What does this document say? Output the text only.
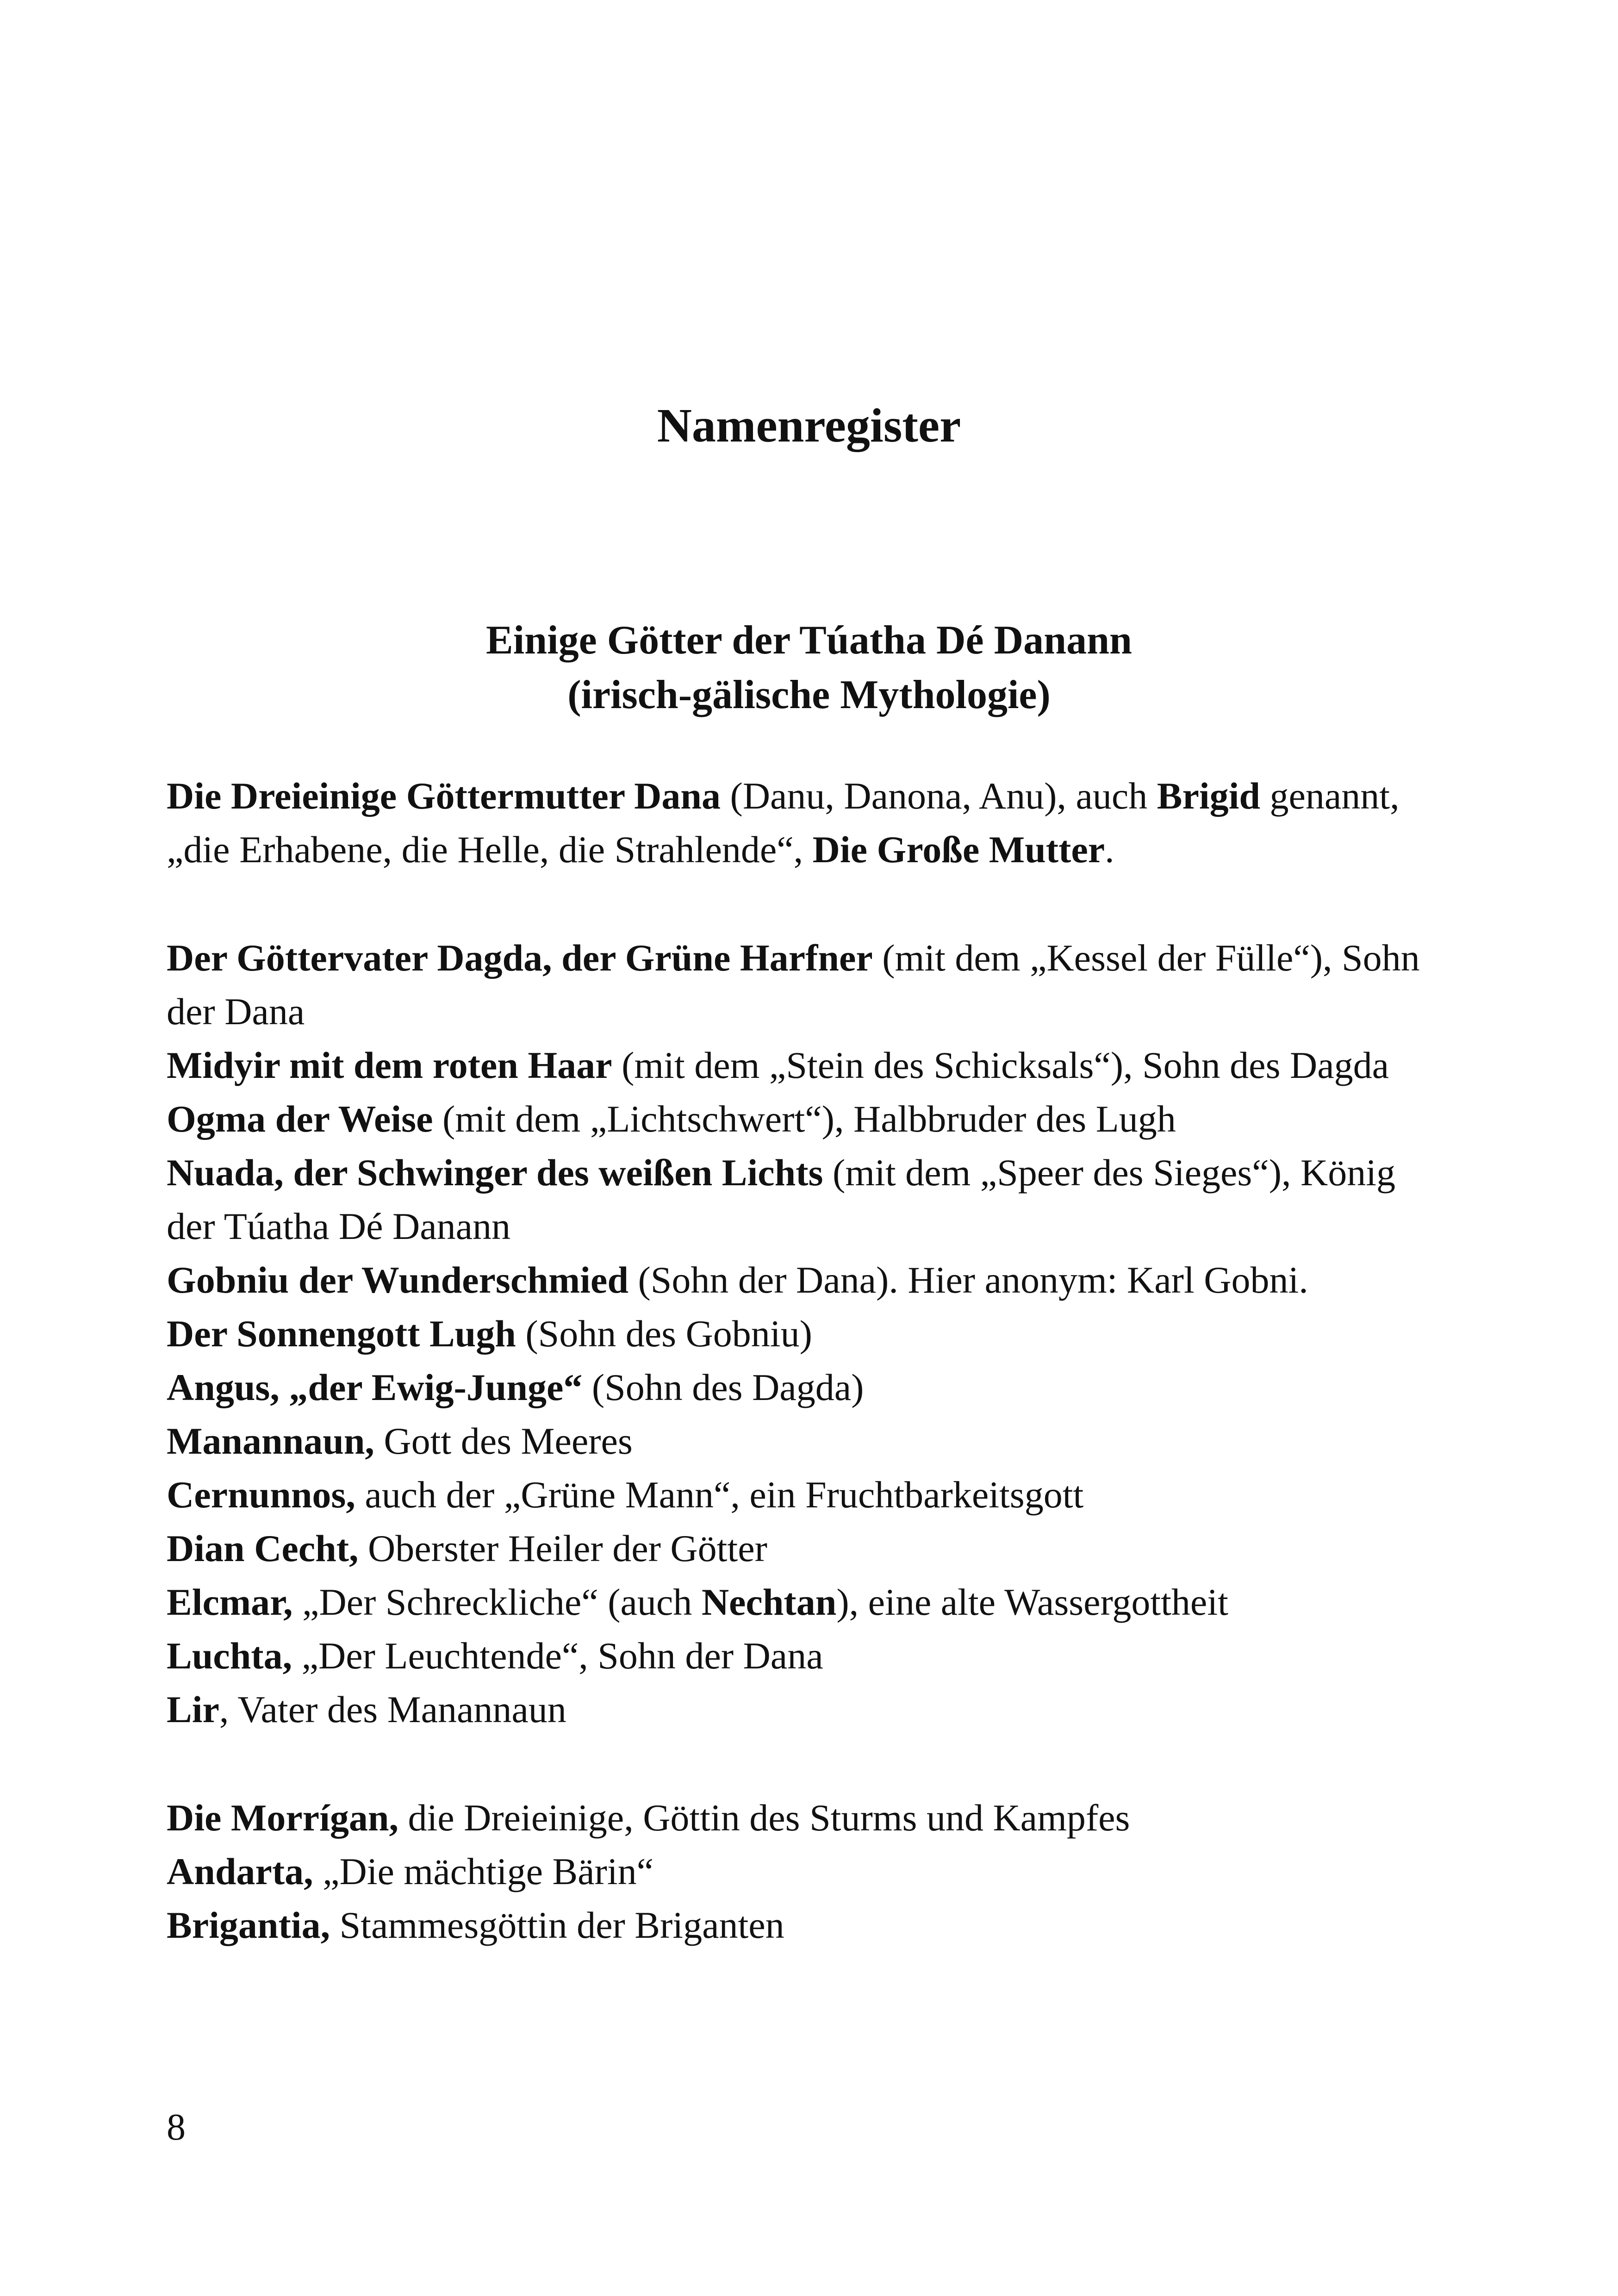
Namenregister
Einige Götter der Túatha Dé Danann
(irisch-gälische Mythologie)

Die Dreieinige Göttermutter Dana (Danu, Danona, Anu), auch Brigid genannt, „die Erhabene, die Helle, die Strahlende“, Die Große Mutter.

Der Göttervater Dagda, der Grüne Harfner (mit dem „Kessel der Fülle“), Sohn der Dana

Midyir mit dem roten Haar (mit dem „Stein des Schicksals“), Sohn des Dagda

Ogma der Weise (mit dem „Lichtschwert“), Halbbruder des Lugh

Nuada, der Schwinger des weißen Lichts (mit dem „Speer des Sieges“), König der Túatha Dé Danann

Gobniu der Wunderschmied (Sohn der Dana). Hier anonym: Karl Gobni.

Der Sonnengott Lugh (Sohn des Gobniu)

Angus, „der Ewig-Junge“ (Sohn des Dagda)

Manannaun, Gott des Meeres

Cernunnos, auch der „Grüne Mann“, ein Fruchtbarkeitsgott

Dian Cecht, Oberster Heiler der Götter

Elcmar, „Der Schreckliche“ (auch Nechtan), eine alte Wassergottheit

Luchta, „Der Leuchtende“, Sohn der Dana

Lir, Vater des Manannaun

Die Morrígan, die Dreieinige, Göttin des Sturms und Kampfes

Andarta, „Die mächtige Bärin“

Brigantia, Stammesgöttin der Briganten

8
